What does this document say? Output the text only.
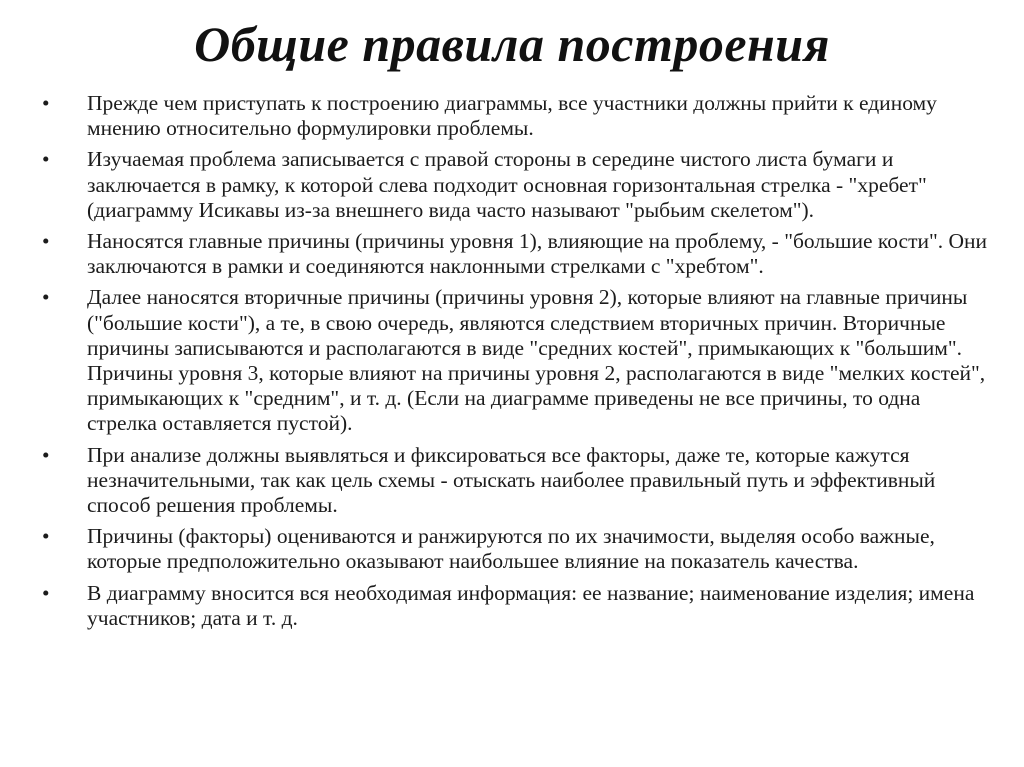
Общие правила построения
• Прежде чем приступать к построению диаграммы, все участники должны прийти к единому мнению относительно формулировки проблемы.
• Изучаемая проблема записывается с правой стороны в середине чистого листа бумаги и заключается в рамку, к которой слева подходит основная горизонтальная стрелка - "хребет" (диаграмму Исикавы из-за внешнего вида часто называют "рыбьим скелетом").
• Наносятся главные причины (причины уровня 1), влияющие на проблему, - "большие кости". Они заключаются в рамки и соединяются наклонными стрелками с "хребтом".
• Далее наносятся вторичные причины (причины уровня 2), которые влияют на главные причины ("большие кости"), а те, в свою очередь, являются следствием вторичных причин. Вторичные причины записываются и располагаются в виде "средних костей", примыкающих к "большим". Причины уровня 3, которые влияют на причины уровня 2, располагаются в виде "мелких костей", примыкающих к "средним", и т. д. (Если на диаграмме приведены не все причины, то одна стрелка оставляется пустой).
• При анализе должны выявляться и фиксироваться все факторы, даже те, которые кажутся незначительными, так как цель схемы - отыскать наиболее правильный путь и эффективный способ решения проблемы.
• Причины (факторы) оцениваются и ранжируются по их значимости, выделяя особо важные, которые предположительно оказывают наибольшее влияние на показатель качества.
• В диаграмму вносится вся необходимая информация: ее название; наименование изделия; имена участников; дата и т. д.
